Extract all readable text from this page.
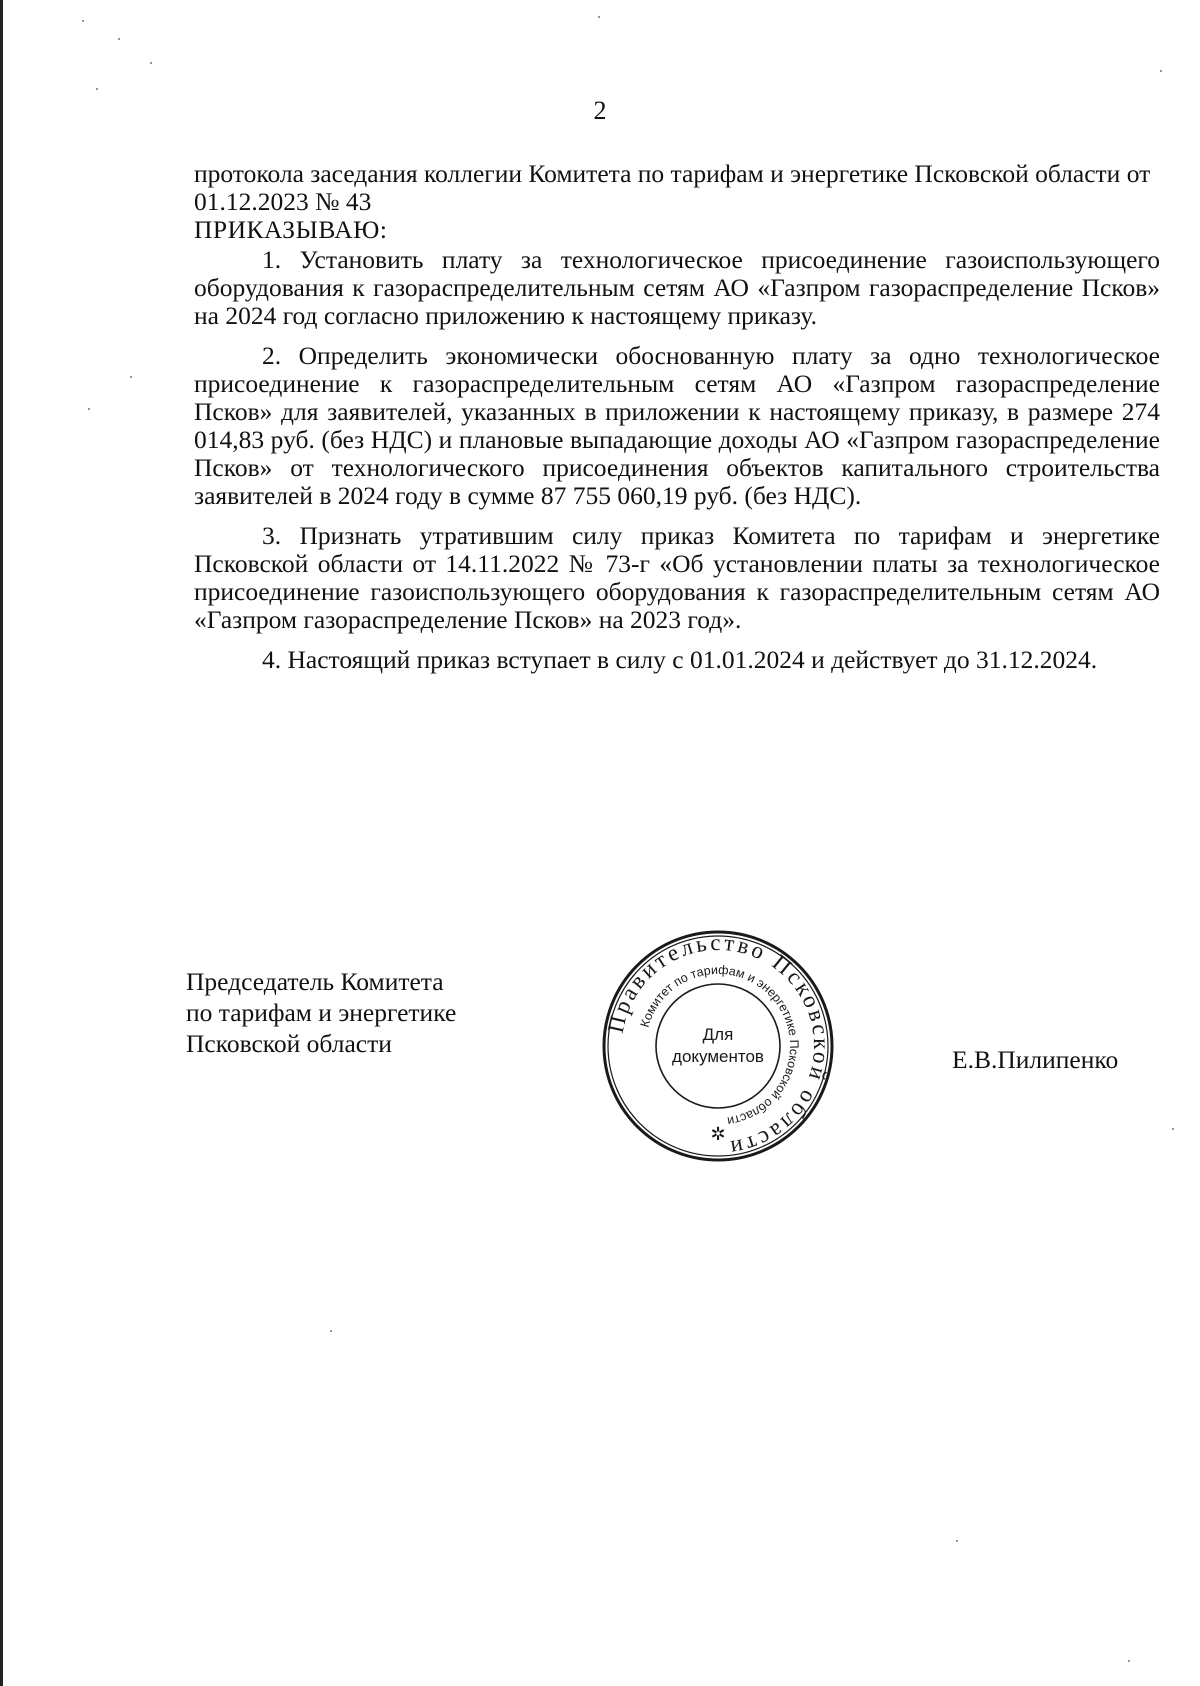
2

протокола заседания коллегии Комитета по тарифам и энергетике Псковской области от 01.12.2023 № 43

ПРИКАЗЫВАЮ:

1. Установить плату за технологическое присоединение газоиспользующего оборудования к газораспределительным сетям АО «Газпром газораспределение Псков» на 2024 год согласно приложению к настоящему приказу.

2. Определить экономически обоснованную плату за одно технологическое присоединение к газораспределительным сетям АО «Газпром газораспределение Псков» для заявителей, указанных в приложении к настоящему приказу, в размере 274 014,83 руб. (без НДС) и плановые выпадающие доходы АО «Газпром газораспределение Псков» от технологического присоединения объектов капитального строительства заявителей в 2024 году в сумме 87 755 060,19 руб. (без НДС).

3. Признать утратившим силу приказ Комитета по тарифам и энергетике Псковской области от 14.11.2022 № 73-г «Об установлении платы за технологическое присоединение газоиспользующего оборудования к газораспределительным сетям АО «Газпром газораспределение Псков» на 2023 год».

4. Настоящий приказ вступает в силу с 01.01.2024 и действует до 31.12.2024.

Председатель Комитета
по тарифам и энергетике
Псковской области
Правительство Псковской области
Комитет по тарифам и энергетике Псковской области
Для
документов
✲
Е.В.Пилипенко
